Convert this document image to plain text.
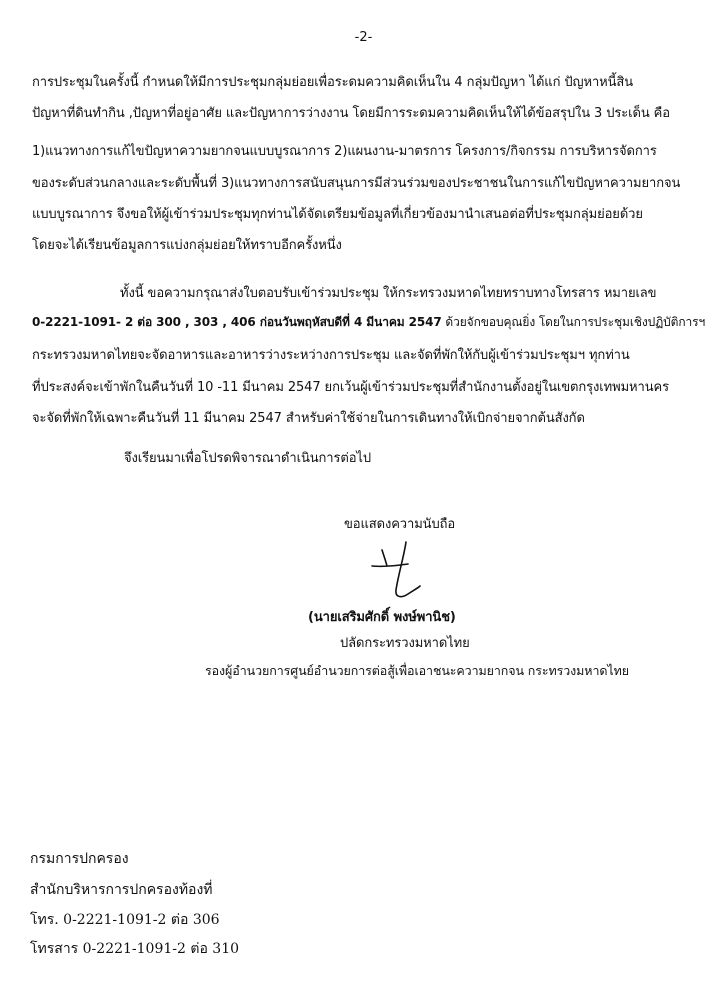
-2-
การประชุมในครั้งนี้ กำหนดให้มีการประชุมกลุ่มย่อยเพื่อระดมความคิดเห็นใน 4 กลุ่มปัญหา ได้แก่ ปัญหาหนี้สิน
ปัญหาที่ดินทำกิน ,ปัญหาที่อยู่อาศัย และปัญหาการว่างงาน โดยมีการระดมความคิดเห็นให้ได้ข้อสรุปใน 3 ประเด็น คือ
1)แนวทางการแก้ไขปัญหาความยากจนแบบบูรณาการ 2)แผนงาน-มาตรการ โครงการ/กิจกรรม การบริหารจัดการ
ของระดับส่วนกลางและระดับพื้นที่ 3)แนวทางการสนับสนุนการมีส่วนร่วมของประชาชนในการแก้ไขปัญหาความยากจน
แบบบูรณาการ จึงขอให้ผู้เข้าร่วมประชุมทุกท่านได้จัดเตรียมข้อมูลที่เกี่ยวข้องมานำเสนอต่อที่ประชุมกลุ่มย่อยด้วย
โดยจะได้เรียนข้อมูลการแบ่งกลุ่มย่อยให้ทราบอีกครั้งหนึ่ง
ทั้งนี้ ขอความกรุณาส่งใบตอบรับเข้าร่วมประชุม ให้กระทรวงมหาดไทยทราบทางโทรสาร หมายเลข
0-2221-1091- 2 ต่อ 300 , 303 , 406 ก่อนวันพฤหัสบดีที่ 4 มีนาคม 2547 ด้วยจักขอบคุณยิ่ง โดยในการประชุมเชิงปฏิบัติการฯ
กระทรวงมหาดไทยจะจัดอาหารและอาหารว่างระหว่างการประชุม และจัดที่พักให้กับผู้เข้าร่วมประชุมฯ ทุกท่าน
ที่ประสงค์จะเข้าพักในคืนวันที่ 10 -11 มีนาคม 2547 ยกเว้นผู้เข้าร่วมประชุมที่สำนักงานตั้งอยู่ในเขตกรุงเทพมหานคร
จะจัดที่พักให้เฉพาะคืนวันที่ 11 มีนาคม 2547 สำหรับค่าใช้จ่ายในการเดินทางให้เบิกจ่ายจากต้นสังกัด
จึงเรียนมาเพื่อโปรดพิจารณาดำเนินการต่อไป
ขอแสดงความนับถือ
(นายเสริมศักดิ์ พงษ์พานิช)
ปลัดกระทรวงมหาดไทย
รองผู้อำนวยการศูนย์อำนวยการต่อสู้เพื่อเอาชนะความยากจน กระทรวงมหาดไทย
กรมการปกครอง
สำนักบริหารการปกครองท้องที่
โทร. 0-2221-1091-2 ต่อ 306
โทรสาร 0-2221-1091-2 ต่อ 310
